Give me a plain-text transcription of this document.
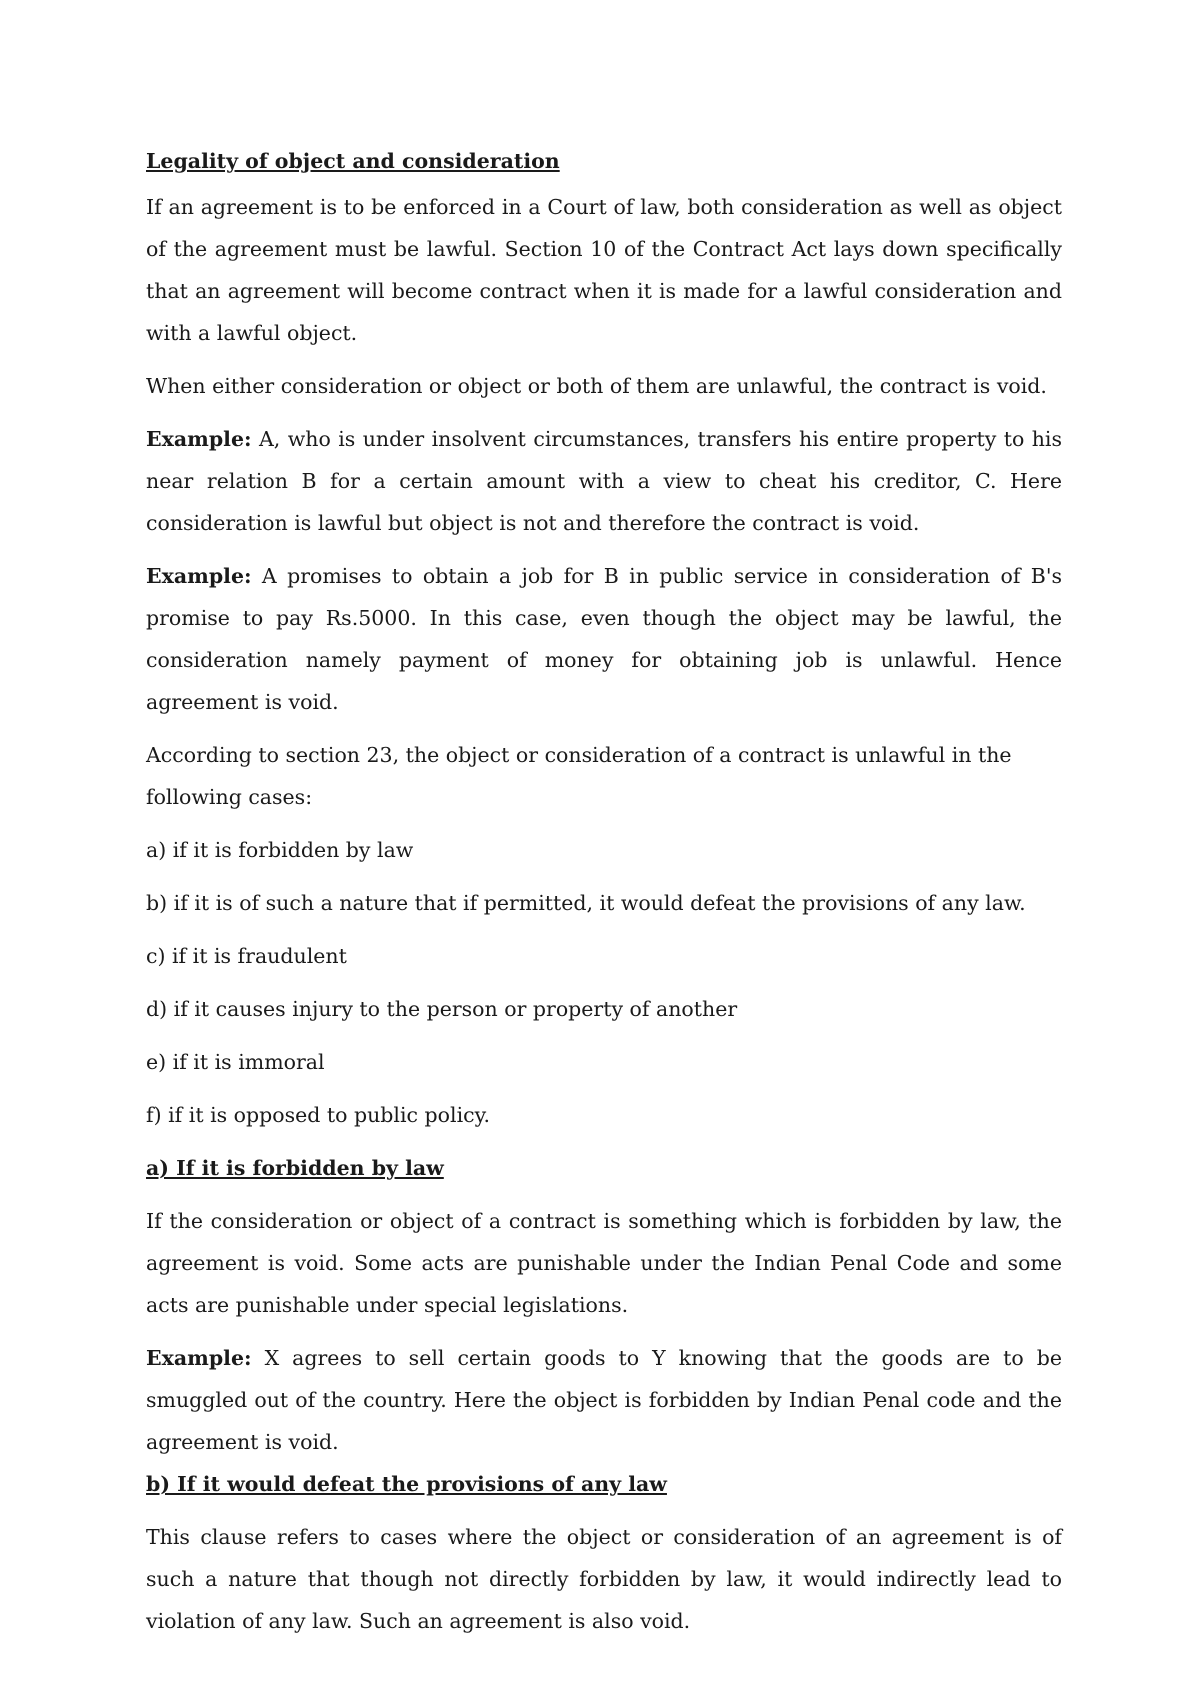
Legality of object and consideration

If an agreement is to be enforced in a Court of law, both consideration as well as object of the agreement must be lawful. Section 10 of the Contract Act lays down specifically that an agreement will become contract when it is made for a lawful consideration and with a lawful object.

When either consideration or object or both of them are unlawful, the contract is void.

Example: A, who is under insolvent circumstances, transfers his entire property to his near relation B for a certain amount with a view to cheat his creditor, C. Here consideration is lawful but object is not and therefore the contract is void.

Example: A promises to obtain a job for B in public service in consideration of B's promise to pay Rs.5000. In this case, even though the object may be lawful, the consideration namely payment of money for obtaining job is unlawful. Hence agreement is void.

According to section 23, the object or consideration of a contract is unlawful in the following cases:

a) if it is forbidden by law

b) if it is of such a nature that if permitted, it would defeat the provisions of any law.

c) if it is fraudulent

d) if it causes injury to the person or property of another

e) if it is immoral

f) if it is opposed to public policy.

a) If it is forbidden by law

If the consideration or object of a contract is something which is forbidden by law, the agreement is void. Some acts are punishable under the Indian Penal Code and some acts are punishable under special legislations.

Example: X agrees to sell certain goods to Y knowing that the goods are to be smuggled out of the country. Here the object is forbidden by Indian Penal code and the agreement is void.

b) If it would defeat the provisions of any law

This clause refers to cases where the object or consideration of an agreement is of such a nature that though not directly forbidden by law, it would indirectly lead to violation of any law. Such an agreement is also void.
